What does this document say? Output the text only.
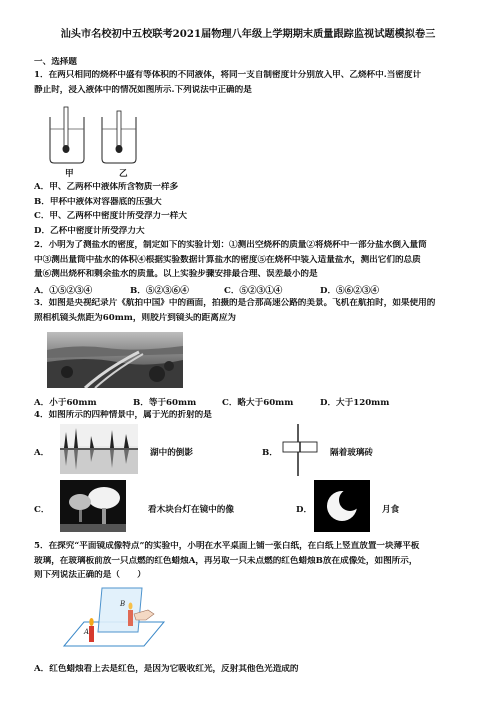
汕头市名校初中五校联考2021届物理八年级上学期期末质量跟踪监视试题模拟卷三
一、选择题
1．在两只相同的烧杯中盛有等体积的不同液体，将同一支自制密度计分别放入甲、乙烧杯中.当密度计
静止时，浸入液体中的情况如图所示.下列说法中正确的是
甲	乙
A．甲、乙两杯中液体所含物质一样多
B．甲杯中液体对容器底的压强大
C．甲、乙两杯中密度计所受浮力一样大
D．乙杯中密度计所受浮力大
2．小明为了测盐水的密度，制定如下的实验计划：①测出空烧杯的质量②将烧杯中一部分盐水倒入量筒
中③测出量筒中盐水的体积④根据实验数据计算盐水的密度⑤在烧杯中装入适量盐水，测出它们的总质
量⑥测出烧杯和剩余盐水的质量。以上实验步骤安排最合理、误差最小的是
A．①⑤②③④	B．⑤②③⑥④	C．⑤②③①④	D．⑤⑥②③④
3．如图是央视纪录片《航拍中国》中的画面，拍摄的是合那高速公路的美景。飞机在航拍时，如果使用的
照相机镜头焦距为60mm，则胶片到镜头的距离应为
A．小于60mm	B．等于60mm	C．略大于60mm	D．大于120mm
4．如图所示的四种情景中，属于光的折射的是
A．	湖中的倒影	B．	隔着玻璃砖
C．	看木块台灯在镜中的像	D．	月食
5．在探究“平面镜成像特点”的实验中，小明在水平桌面上铺一张白纸，在白纸上竖直放置一块薄平板
玻璃，在玻璃板前放一只点燃的红色蜡烛A，再另取一只未点燃的红色蜡烛B放在成像处，如图所示，
则下列说法正确的是（　　）
A
B
A．红色蜡烛看上去是红色，是因为它吸收红光，反射其他色光造成的
